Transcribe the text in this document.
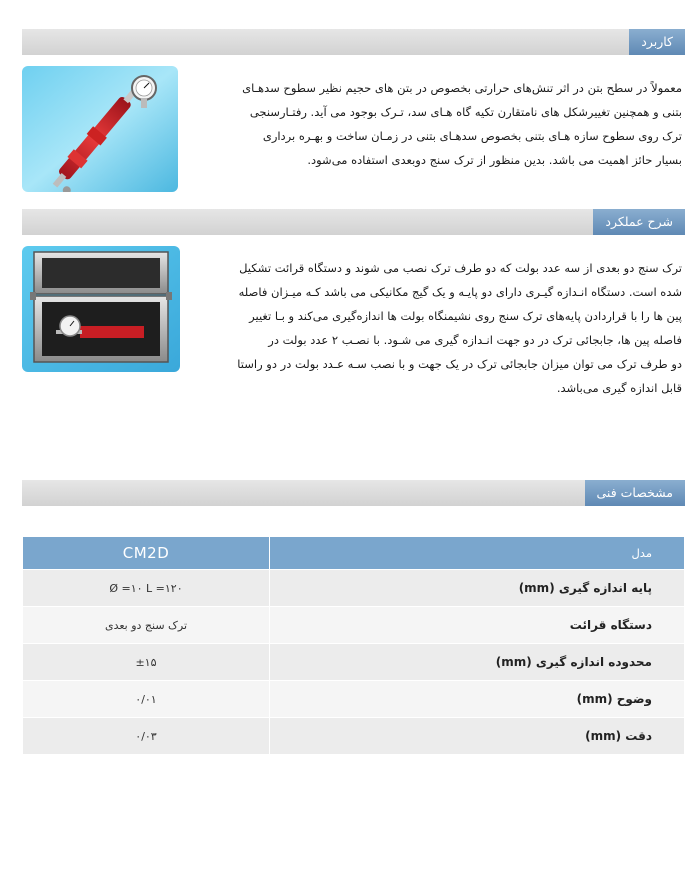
کاربرد
معمولاً در سطح بتن در اثر تنش‌های حرارتی بخصوص در بتن های حجیم نظیر سطوح سدهـای
بتنی و همچنین تغییرشکل های نامتقارن تکیه گاه هـای سد، تـرک بوجود می آید. رفتـارسنجی
ترک روی سطوح سازه هـای بتنی بخصوص سدهـای بتنی در زمـان ساخت و بهـره برداری
بسیار حائز اهمیت می باشد. بدین منظور از ترک سنج دوبعدی استفاده می‌شود.
شرح عملکرد
ترک سنج دو بعدی از سه عدد بولت که دو طرف ترک نصب می شوند و دستگاه قرائت تشکیل
شده است. دستگاه انـدازه گیـری دارای دو پایـه و یک گیج مکانیکی می باشد کـه میـزان فاصله
پین ها را با قراردادن پایه‌های ترک سنج روی نشیمنگاه بولت ها اندازه‌گیری می‌کند و بـا تغییر
فاصله پین ها، جابجائی ترک در دو جهت انـدازه گیری می شـود. با نصـب ۲ عدد بولت در
دو طرف ترک می توان میزان جابجائی ترک در یک جهت و با نصب سـه عـدد بولت در دو راستا
قابل اندازه گیری می‌باشد.
مشخصات فنی
CM2D	مدل
Ø =۱۰ L =۱۲۰	پایه اندازه گیری (mm)
ترک سنج دو بعدی	دستگاه قرائت
±۱۵	محدوده اندازه گیری (mm)
۰/۰۱	وضوح (mm)
۰/۰۳	دقت (mm)
